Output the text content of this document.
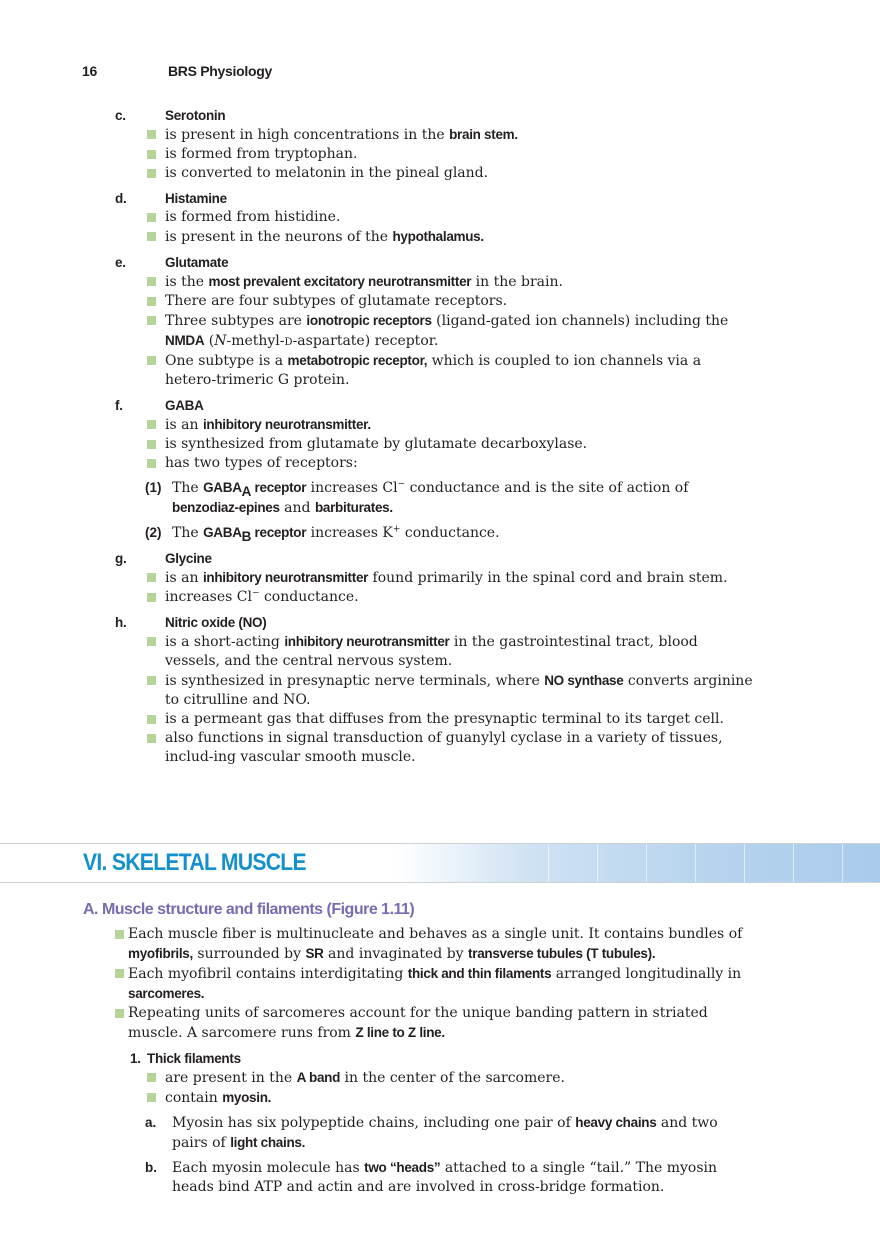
16	BRS Physiology
c.	Serotonin
is present in high concentrations in the brain stem.
is formed from tryptophan.
is converted to melatonin in the pineal gland.
d.	Histamine
is formed from histidine.
is present in the neurons of the hypothalamus.
e.	Glutamate
is the most prevalent excitatory neurotransmitter in the brain.
There are four subtypes of glutamate receptors.
Three subtypes are ionotropic receptors (ligand-gated ion channels) including the NMDA (N-methyl-d-aspartate) receptor.
One subtype is a metabotropic receptor, which is coupled to ion channels via a hetero-trimeric G protein.
f.	GABA
is an inhibitory neurotransmitter.
is synthesized from glutamate by glutamate decarboxylase.
has two types of receptors:
(1) The $GABA_A$ receptor increases Cl− conductance and is the site of action of benzodiaz-epines and barbiturates.
(2) The $GABA_B$ receptor increases K+ conductance.
g.	Glycine
is an inhibitory neurotransmitter found primarily in the spinal cord and brain stem.
increases Cl− conductance.
h.	Nitric oxide (NO)
is a short-acting inhibitory neurotransmitter in the gastrointestinal tract, blood vessels, and the central nervous system.
is synthesized in presynaptic nerve terminals, where NO synthase converts arginine to citrulline and NO.
is a permeant gas that diffuses from the presynaptic terminal to its target cell.
also functions in signal transduction of guanylyl cyclase in a variety of tissues, includ-ing vascular smooth muscle.
VI. SKELETAL MUSCLE
A. Muscle structure and filaments (Figure 1.11)
Each muscle fiber is multinucleate and behaves as a single unit. It contains bundles of myofibrils, surrounded by SR and invaginated by transverse tubules (T tubules).
Each myofibril contains interdigitating thick and thin filaments arranged longitudinally in sarcomeres.
Repeating units of sarcomeres account for the unique banding pattern in striated muscle. A sarcomere runs from Z line to Z line.
1. Thick filaments
are present in the A band in the center of the sarcomere.
contain myosin.
a. Myosin has six polypeptide chains, including one pair of heavy chains and two pairs of light chains.
b. Each myosin molecule has two “heads” attached to a single “tail.” The myosin heads bind ATP and actin and are involved in cross-bridge formation.
